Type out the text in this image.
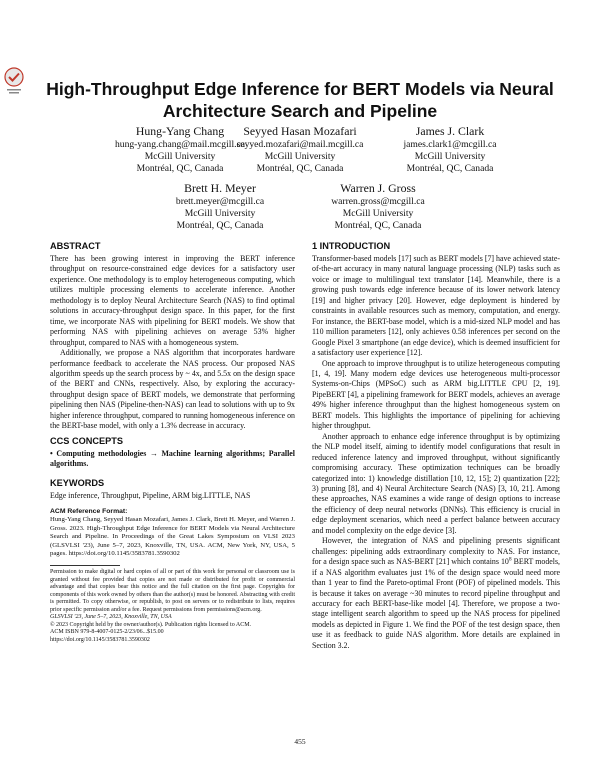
High-Throughput Edge Inference for BERT Models via Neural Architecture Search and Pipeline
Hung-Yang Chang
hung-yang.chang@mail.mcgill.ca
McGill University
Montréal, QC, Canada
Seyyed Hasan Mozafari
seyyed.mozafari@mail.mcgill.ca
McGill University
Montréal, QC, Canada
James J. Clark
james.clark1@mcgill.ca
McGill University
Montréal, QC, Canada
Brett H. Meyer
brett.meyer@mcgill.ca
McGill University
Montréal, QC, Canada
Warren J. Gross
warren.gross@mcgill.ca
McGill University
Montréal, QC, Canada
ABSTRACT

There has been growing interest in improving the BERT inference throughput on resource-constrained edge devices for a satisfactory user experience. One methodology is to employ heterogeneous computing, which utilizes multiple processing elements to accelerate inference. Another methodology is to deploy Neural Architecture Search (NAS) to find optimal solutions in accuracy-throughput design space. In this paper, for the first time, we incorporate NAS with pipelining for BERT models. We show that performing NAS with pipelining achieves on average 53% higher throughput, compared to NAS with a homogeneous system.

Additionally, we propose a NAS algorithm that incorporates hardware performance feedback to accelerate the NAS process. Our proposed NAS algorithm speeds up the search process by ~ 4x, and 5.5x on the design space of the BERT and CNNs, respectively. Also, by exploring the accuracy-throughput design space of BERT models, we demonstrate that performing pipelining then NAS (Pipeline-then-NAS) can lead to solutions with up to 9x higher inference throughput, compared to running homogeneous inference on the BERT-base model, with only a 1.3% decrease in accuracy.

CCS CONCEPTS

• Computing methodologies → Machine learning algorithms; Parallel algorithms.

KEYWORDS

Edge inference, Throughput, Pipeline, ARM big.LITTLE, NAS

ACM Reference Format:

Hung-Yang Chang, Seyyed Hasan Mozafari, James J. Clark, Brett H. Meyer, and Warren J. Gross. 2023. High-Throughput Edge Inference for BERT Models via Neural Architecture Search and Pipeline. In Proceedings of the Great Lakes Symposium on VLSI 2023 (GLSVLSI '23), June 5–7, 2023, Knoxville, TN, USA. ACM, New York, NY, USA, 5 pages. https://doi.org/10.1145/3583781.3590302

Permission to make digital or hard copies of all or part of this work for personal or classroom use is granted without fee provided that copies are not made or distributed for profit or commercial advantage and that copies bear this notice and the full citation on the first page. Copyrights for components of this work owned by others than the author(s) must be honored. Abstracting with credit is permitted. To copy otherwise, or republish, to post on servers or to redistribute to lists, requires prior specific permission and/or a fee. Request permissions from permissions@acm.org.

GLSVLSI '23, June 5–7, 2023, Knoxville, TN, USA

© 2023 Copyright held by the owner/author(s). Publication rights licensed to ACM.

ACM ISBN 979-8-4007-0125-2/23/06...$15.00

https://doi.org/10.1145/3583781.3590302

1 INTRODUCTION

Transformer-based models [17] such as BERT models [7] have achieved state-of-the-art accuracy in many natural language processing (NLP) tasks such as voice or image to multilingual text translator [14]. Meanwhile, there is a growing push towards edge inference because of its lower network latency [19] and higher privacy [20]. However, edge deployment is hindered by constraints in available resources such as memory, computation, and energy. For instance, the BERT-base model, which is a mid-sized NLP model and has 110 million parameters [12], only achieves 0.58 inferences per second on the Google Pixel 3 smartphone (an edge device), which is deemed insufficient for a satisfactory user experience [12].

One approach to improve throughput is to utilize heterogeneous computing [1, 4, 19]. Many modern edge devices use heterogeneous multi-processor Systems-on-Chips (MPSoC) such as ARM big.LITTLE CPU [2, 19]. PipeBERT [4], a pipelining framework for BERT models, achieves an average 49% higher inference throughput than the highest homogeneous system on BERT models. This highlights the importance of pipelining for achieving higher throughput.

Another approach to enhance edge inference throughput is by optimizing the NLP model itself, aiming to identify model configurations that result in reduced inference latency and improved throughput, without significantly compromising accuracy. These optimization techniques can be broadly categorized into: 1) knowledge distillation [10, 12, 15]; 2) quantization [22]; 3) pruning [8], and 4) Neural Architecture Search (NAS) [3, 10, 21]. Among these approaches, NAS examines a wide range of design options to increase the efficiency of deep neural networks (DNNs). This efficiency is crucial in edge deployment scenarios, which need a perfect balance between accuracy and model complexity on the edge device [3].

However, the integration of NAS and pipelining presents significant challenges: pipelining adds extraordinary complexity to NAS. For instance, for a design space such as NAS-BERT [21] which contains $10^8$ BERT models, if a NAS algorithm evaluates just 1% of the design space would need more than 1 year to find the Pareto-optimal Front (POF) of pipelined models. This is because it takes on average ~30 minutes to record pipeline throughput and accuracy for each BERT-base-like model [4]. Therefore, we propose a two-stage intelligent search algorithm to speed up the NAS process for pipelined models as depicted in Figure 1. We find the POF of the test design space, then use it as feedback to guide NAS algorithm. More details are explained in Section 3.2.

455
